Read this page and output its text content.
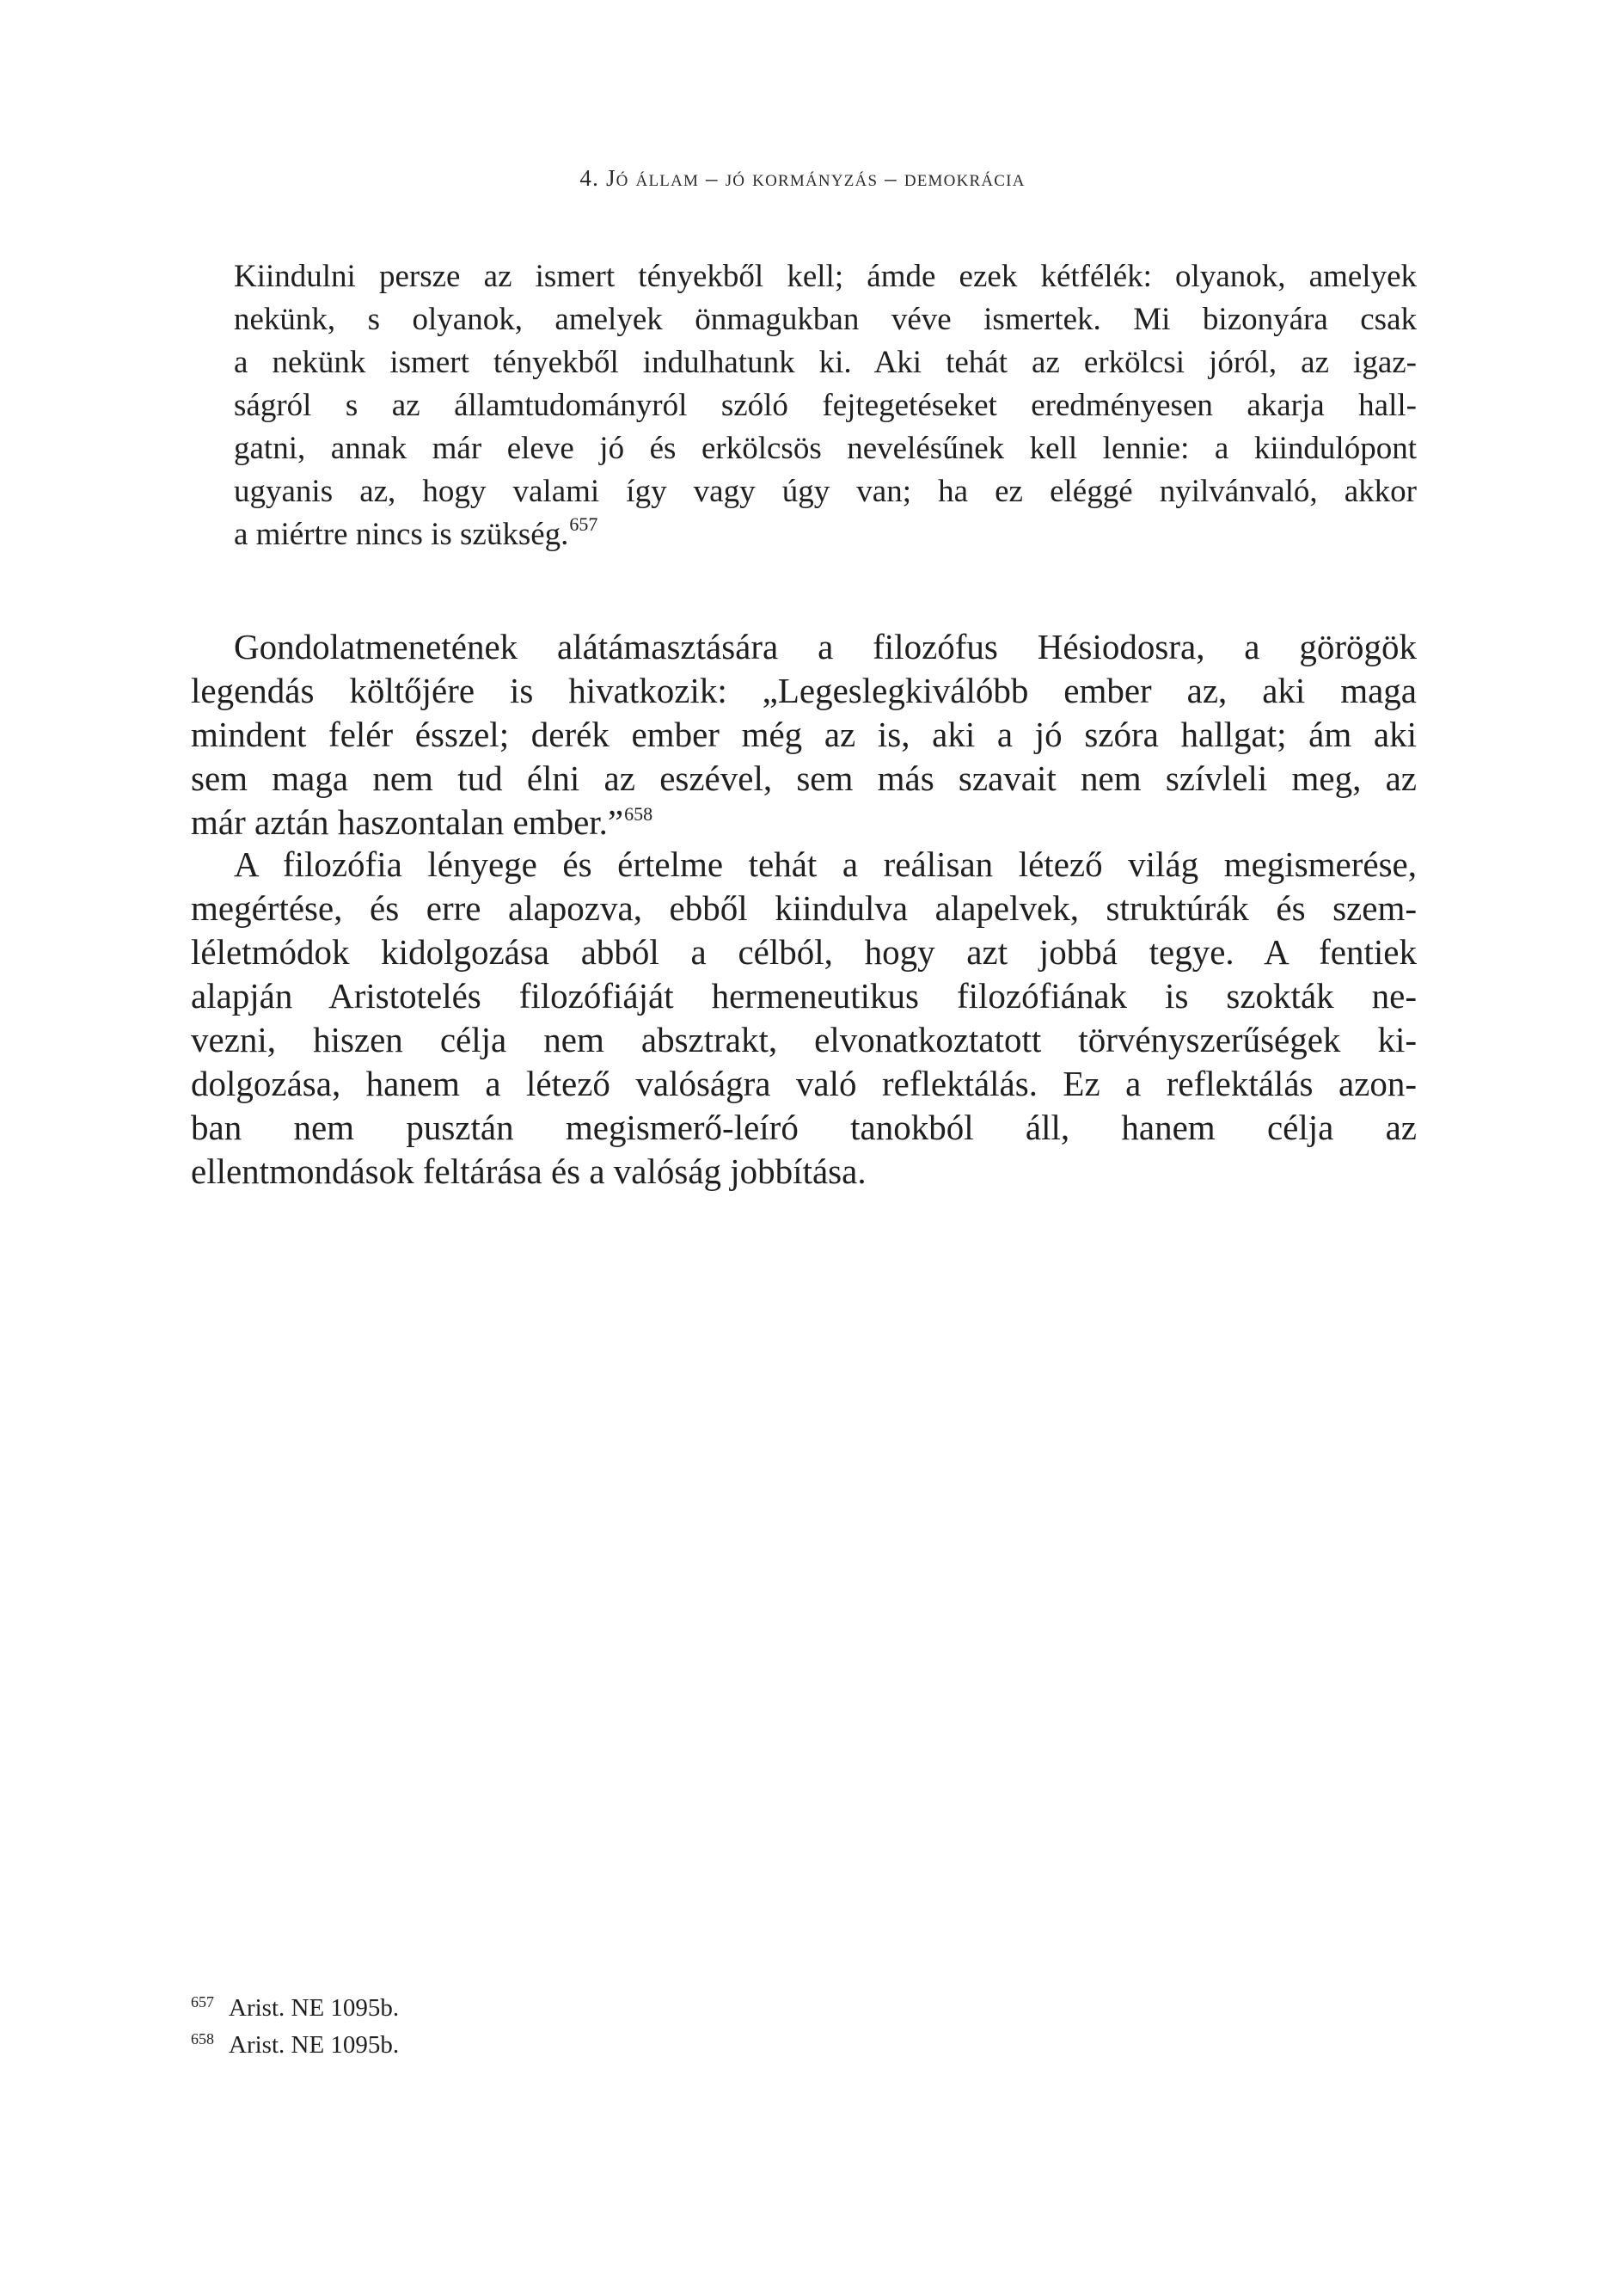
4. Jó állam – jó kormányzás – demokrácia
Kiindulni persze az ismert tényekből kell; ámde ezek kétfélék: olyanok, amelyek
nekünk, s olyanok, amelyek önmagukban véve ismertek. Mi bizonyára csak
a nekünk ismert tényekből indulhatunk ki. Aki tehát az erkölcsi jóról, az igaz-
ságról s az államtudományról szóló fejtegetéseket eredményesen akarja hall-
gatni, annak már eleve jó és erkölcsös nevelésűnek kell lennie: a kiindulópont
ugyanis az, hogy valami így vagy úgy van; ha ez eléggé nyilvánvaló, akkor
a miértre nincs is szükség.$^{657}$
Gondolatmenetének alátámasztására a filozófus Hésiodosra, a görögök
legendás költőjére is hivatkozik: „Legeslegkiválóbb ember az, aki maga
mindent felér ésszel; derék ember még az is, aki a jó szóra hallgat; ám aki
sem maga nem tud élni az eszével, sem más szavait nem szívleli meg, az
már aztán haszontalan ember.”$^{658}$
A filozófia lényege és értelme tehát a reálisan létező világ megismerése,
megértése, és erre alapozva, ebből kiindulva alapelvek, struktúrák és szem-
léletmódok kidolgozása abból a célból, hogy azt jobbá tegye. A fentiek
alapján Aristotelés filozófiáját hermeneutikus filozófiának is szokták ne-
vezni, hiszen célja nem absztrakt, elvonatkoztatott törvényszerűségek ki-
dolgozása, hanem a létező valóságra való reflektálás. Ez a reflektálás azon-
ban nem pusztán megismerő-leíró tanokból áll, hanem célja az
ellentmondások feltárása és a valóság jobbítása.
657 Arist. NE 1095b.
658 Arist. NE 1095b.
